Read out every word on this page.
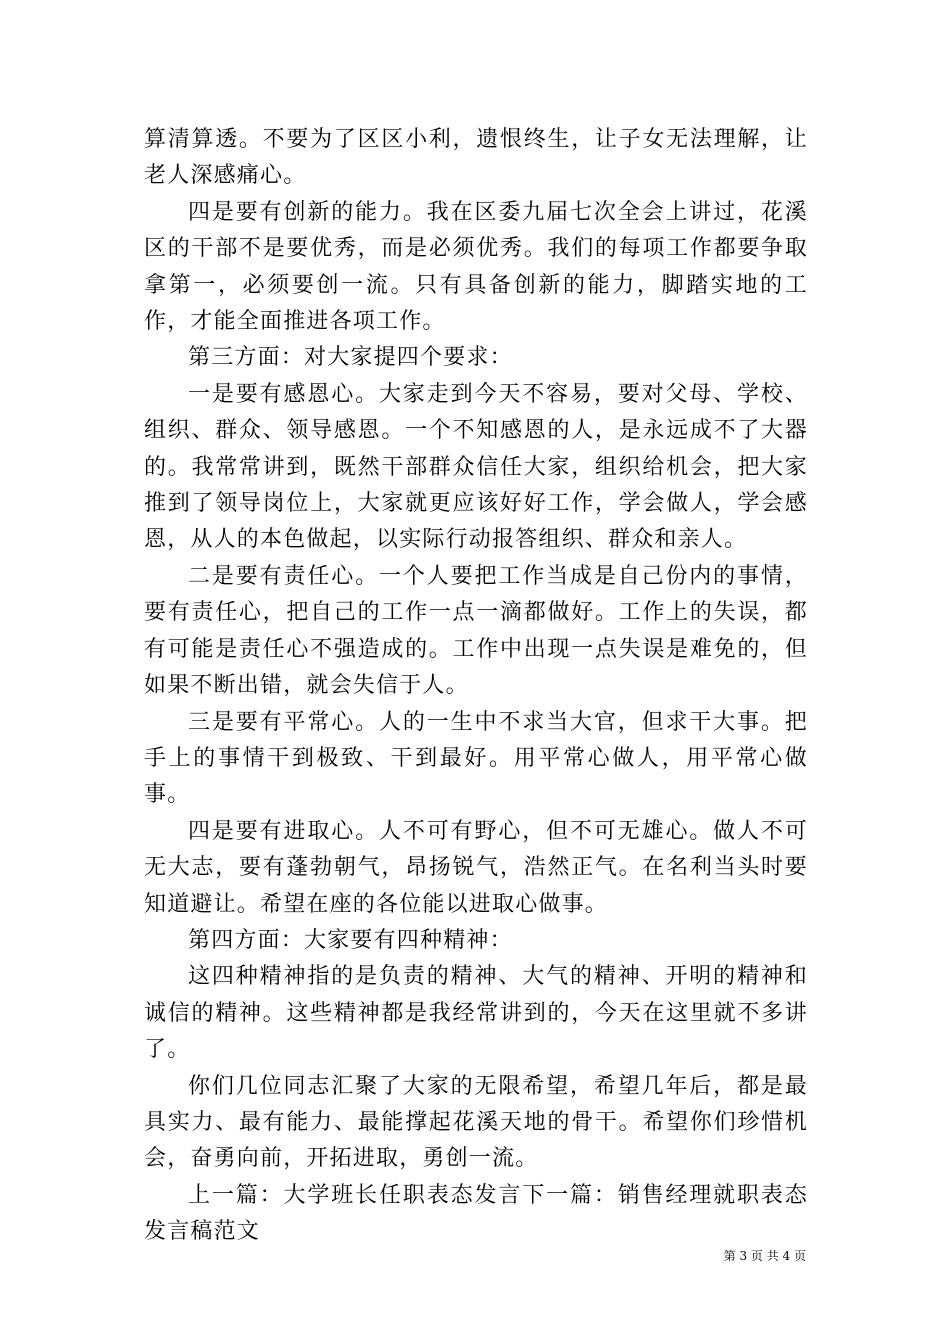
算清算透。不要为了区区小利，遗恨终生，让子女无法理解，让老人深感痛心。

四是要有创新的能力。我在区委九届七次全会上讲过，花溪区的干部不是要优秀，而是必须优秀。我们的每项工作都要争取拿第一，必须要创一流。只有具备创新的能力，脚踏实地的工作，才能全面推进各项工作。

第三方面：对大家提四个要求：

一是要有感恩心。大家走到今天不容易，要对父母、学校、组织、群众、领导感恩。一个不知感恩的人，是永远成不了大器的。我常常讲到，既然干部群众信任大家，组织给机会，把大家推到了领导岗位上，大家就更应该好好工作，学会做人，学会感恩，从人的本色做起，以实际行动报答组织、群众和亲人。

二是要有责任心。一个人要把工作当成是自己份内的事情，要有责任心，把自己的工作一点一滴都做好。工作上的失误，都有可能是责任心不强造成的。工作中出现一点失误是难免的，但如果不断出错，就会失信于人。

三是要有平常心。人的一生中不求当大官，但求干大事。把手上的事情干到极致、干到最好。用平常心做人，用平常心做事。

四是要有进取心。人不可有野心，但不可无雄心。做人不可无大志，要有蓬勃朝气，昂扬锐气，浩然正气。在名利当头时要知道避让。希望在座的各位能以进取心做事。

第四方面：大家要有四种精神：

这四种精神指的是负责的精神、大气的精神、开明的精神和诚信的精神。这些精神都是我经常讲到的，今天在这里就不多讲了。

你们几位同志汇聚了大家的无限希望，希望几年后，都是最具实力、最有能力、最能撑起花溪天地的骨干。希望你们珍惜机会，奋勇向前，开拓进取，勇创一流。

上一篇：大学班长任职表态发言下一篇：销售经理就职表态发言稿范文

第 3 页 共 4 页
